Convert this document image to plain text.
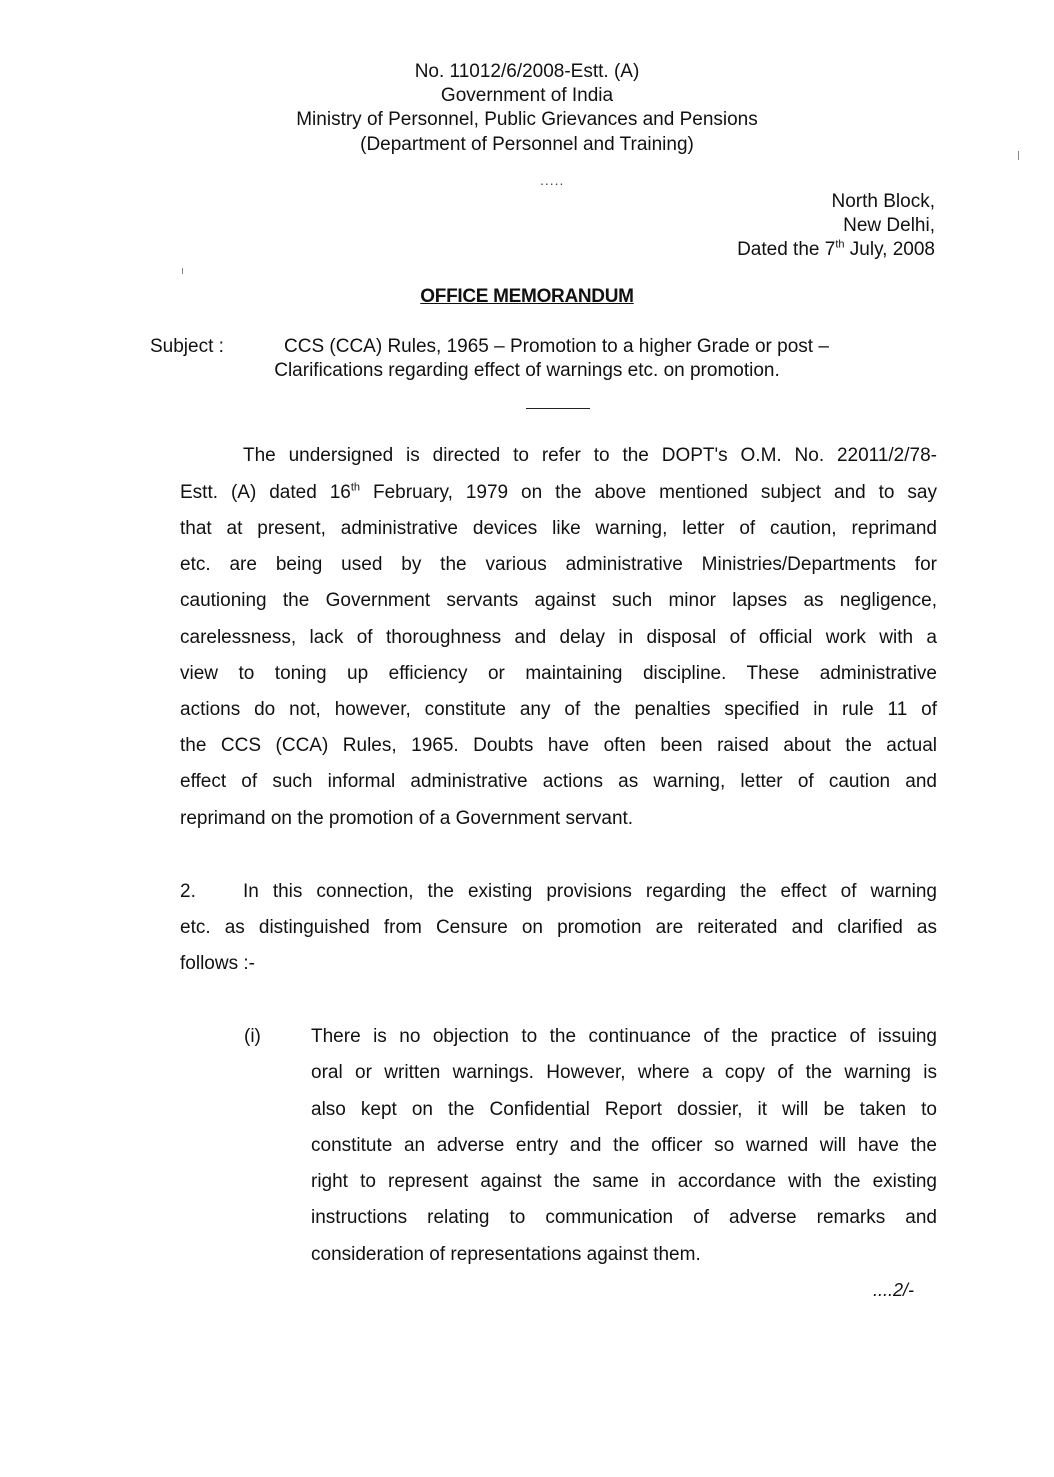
No. 11012/6/2008-Estt. (A)
Government of India
Ministry of Personnel, Public Grievances and Pensions
(Department of Personnel and Training)
.....
North Block,
New Delhi,
Dated the 7th July, 2008
OFFICE MEMORANDUM
Subject :	CCS (CCA) Rules, 1965 – Promotion to a higher Grade or post –
Clarifications regarding effect of warnings etc. on promotion.
The undersigned is directed to refer to the DOPT's O.M. No. 22011/2/78-
Estt. (A) dated 16th February, 1979 on the above mentioned subject and to say
that at present, administrative devices like warning, letter of caution, reprimand
etc. are being used by the various administrative Ministries/Departments for
cautioning the Government servants against such minor lapses as negligence,
carelessness, lack of thoroughness and delay in disposal of official work with a
view to toning up efficiency or maintaining discipline. These administrative
actions do not, however, constitute any of the penalties specified in rule 11 of
the CCS (CCA) Rules, 1965. Doubts have often been raised about the actual
effect of such informal administrative actions as warning, letter of caution and
reprimand on the promotion of a Government servant.
2. In this connection, the existing provisions regarding the effect of warning
etc. as distinguished from Censure on promotion are reiterated and clarified as
follows :-
(i)	There is no objection to the continuance of the practice of issuing
oral or written warnings. However, where a copy of the warning is
also kept on the Confidential Report dossier, it will be taken to
constitute an adverse entry and the officer so warned will have the
right to represent against the same in accordance with the existing
instructions relating to communication of adverse remarks and
consideration of representations against them.
....2/-
